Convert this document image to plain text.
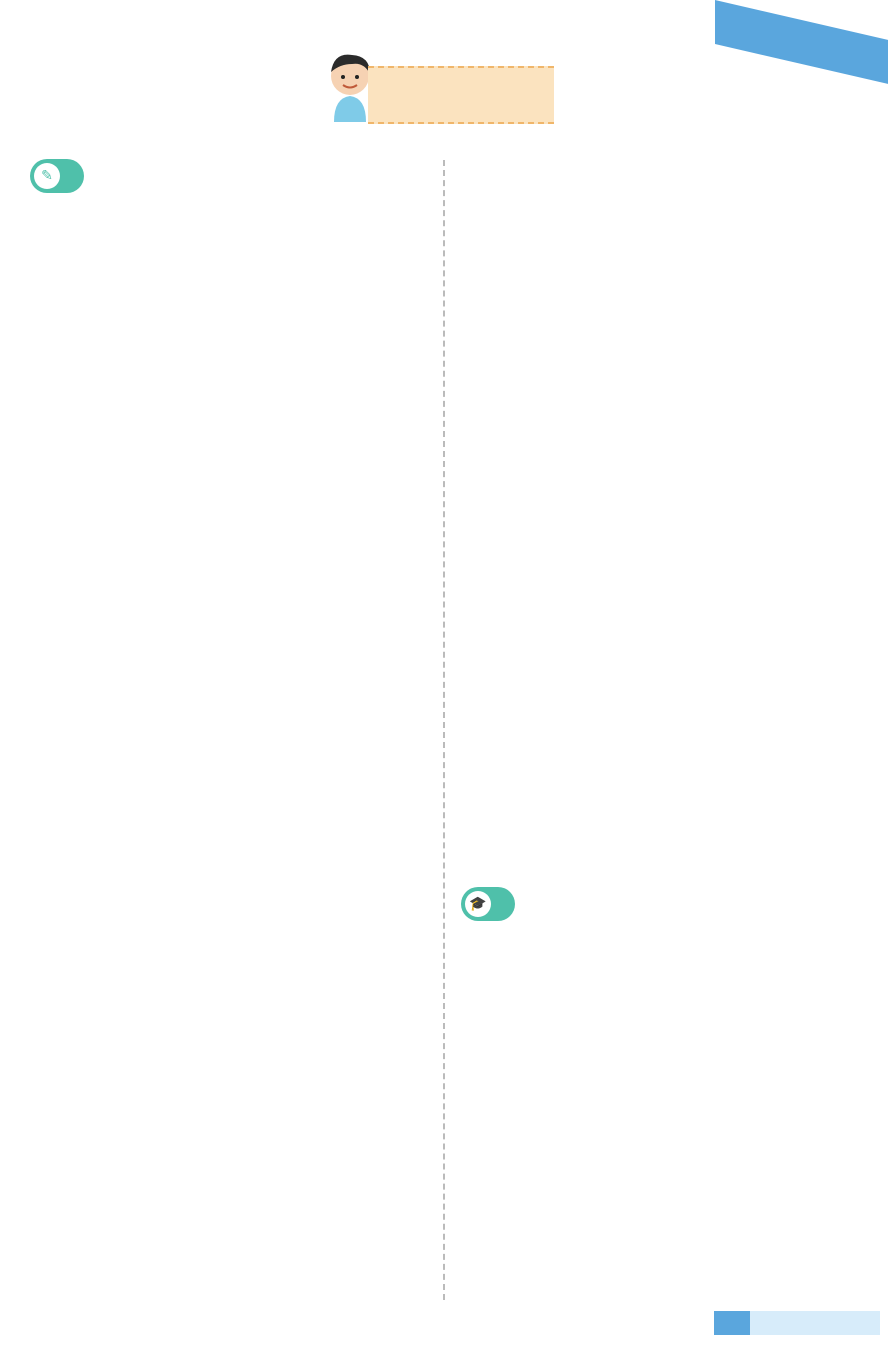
✎
🎓
